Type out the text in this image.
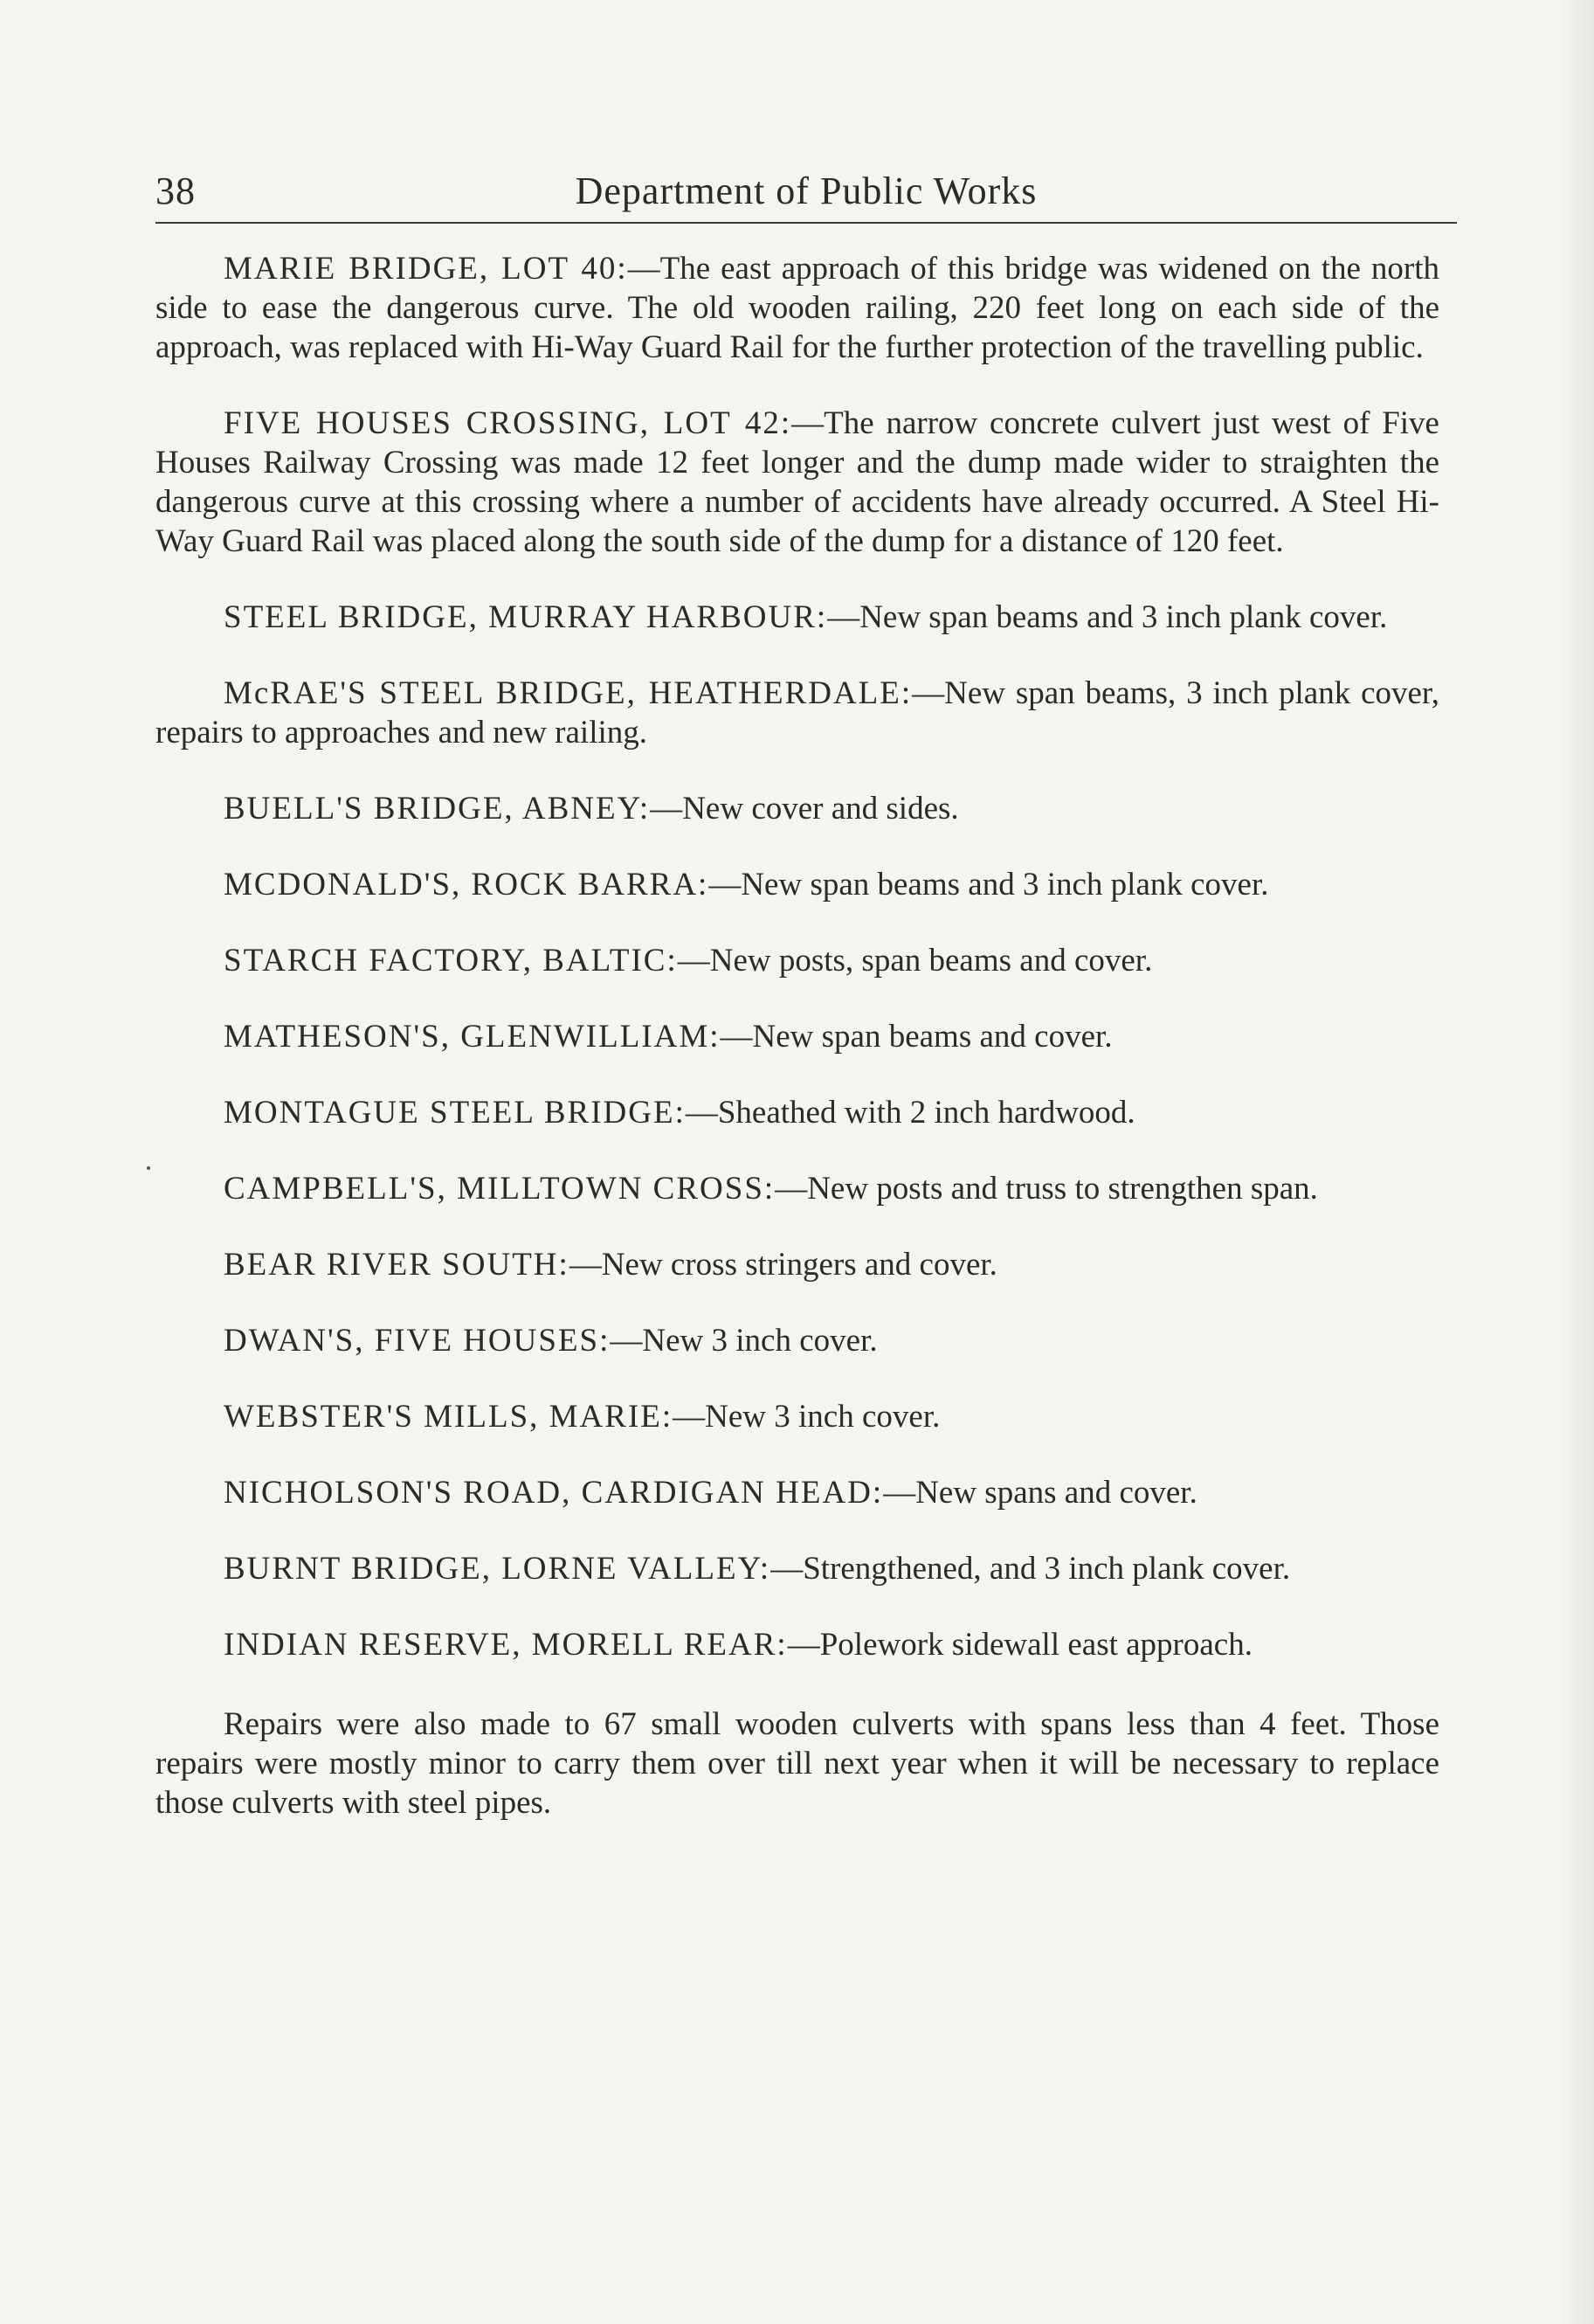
38	Department of Public Works

MARIE BRIDGE, LOT 40:—The east approach of this bridge was widened on the north side to ease the dangerous curve. The old wooden railing, 220 feet long on each side of the approach, was replaced with Hi-Way Guard Rail for the further protection of the travelling public.

FIVE HOUSES CROSSING, LOT 42:—The narrow concrete culvert just west of Five Houses Railway Crossing was made 12 feet longer and the dump made wider to straighten the dangerous curve at this crossing where a number of accidents have already occurred. A Steel Hi-Way Guard Rail was placed along the south side of the dump for a distance of 120 feet.

STEEL BRIDGE, MURRAY HARBOUR:—New span beams and 3 inch plank cover.

McRAE'S STEEL BRIDGE, HEATHERDALE:—New span beams, 3 inch plank cover, repairs to approaches and new railing.

BUELL'S BRIDGE, ABNEY:—New cover and sides.

MCDONALD'S, ROCK BARRA:—New span beams and 3 inch plank cover.

STARCH FACTORY, BALTIC:—New posts, span beams and cover.

MATHESON'S, GLENWILLIAM:—New span beams and cover.

MONTAGUE STEEL BRIDGE:—Sheathed with 2 inch hardwood.

CAMPBELL'S, MILLTOWN CROSS:—New posts and truss to strengthen span.

BEAR RIVER SOUTH:—New cross stringers and cover.

DWAN'S, FIVE HOUSES:—New 3 inch cover.

WEBSTER'S MILLS, MARIE:—New 3 inch cover.

NICHOLSON'S ROAD, CARDIGAN HEAD:—New spans and cover.

BURNT BRIDGE, LORNE VALLEY:—Strengthened, and 3 inch plank cover.

INDIAN RESERVE, MORELL REAR:—Polework sidewall east approach.

Repairs were also made to 67 small wooden culverts with spans less than 4 feet. Those repairs were mostly minor to carry them over till next year when it will be necessary to replace those culverts with steel pipes.
